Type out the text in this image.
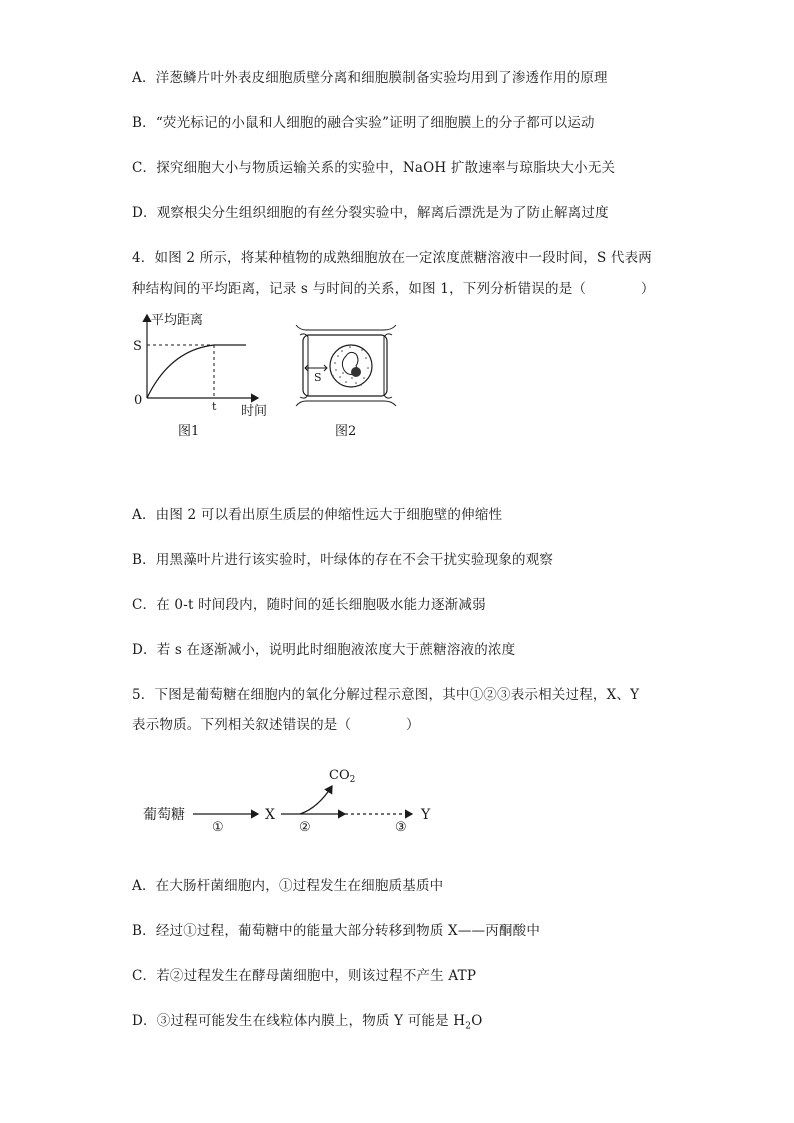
A．洋葱鳞片叶外表皮细胞质壁分离和细胞膜制备实验均用到了渗透作用的原理
B．“荧光标记的小鼠和人细胞的融合实验”证明了细胞膜上的分子都可以运动
C．探究细胞大小与物质运输关系的实验中，NaOH 扩散速率与琼脂块大小无关
D．观察根尖分生组织细胞的有丝分裂实验中，解离后漂洗是为了防止解离过度
4．如图 2 所示，将某种植物的成熟细胞放在一定浓度蔗糖溶液中一段时间，S 代表两
种结构间的平均距离，记录 s 与时间的关系，如图 1，下列分析错误的是（　　　　）
平均距离
S
0	t 时间
图1
S
图2
A．由图 2 可以看出原生质层的伸缩性远大于细胞壁的伸缩性
B．用黑藻叶片进行该实验时，叶绿体的存在不会干扰实验现象的观察
C．在 0-t 时间段内，随时间的延长细胞吸水能力逐渐减弱
D．若 s 在逐渐减小，说明此时细胞液浓度大于蔗糖溶液的浓度
5．下图是葡萄糖在细胞内的氧化分解过程示意图，其中①②③表示相关过程，X、Y
表示物质。下列相关叙述错误的是（　　　　）
葡萄糖
①
X
$CO_2$
②	③
Y
A．在大肠杆菌细胞内，①过程发生在细胞质基质中
B．经过①过程，葡萄糖中的能量大部分转移到物质 X——丙酮酸中
C．若②过程发生在酵母菌细胞中，则该过程不产生 ATP
D．③过程可能发生在线粒体内膜上，物质 Y 可能是 $H_2O$
